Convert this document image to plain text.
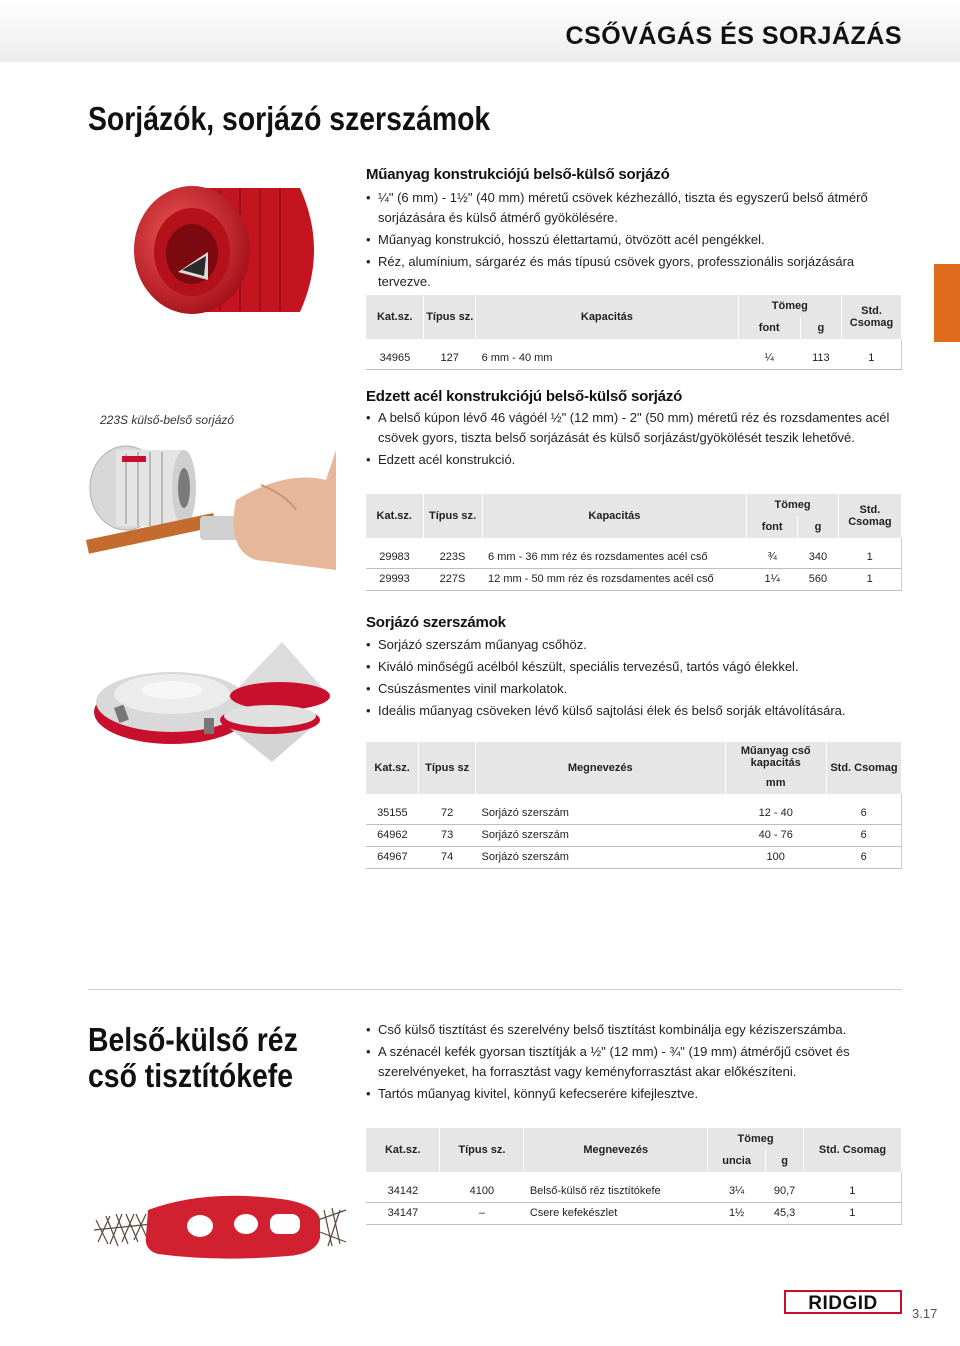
CSŐVÁGÁS ÉS SORJÁZÁS
Sorjázók, sorjázó szerszámok
Műanyag konstrukciójú belső-külső sorjázó
• ¼" (6 mm) - 1½" (40 mm) méretű csövek kézhezálló, tiszta és egyszerű belső átmérő sorjázására és külső átmérő gyökölésére.
• Műanyag konstrukció, hosszú élettartamú, ötvözött acél pengékkel.
• Réz, alumínium, sárgaréz és más típusú csövek gyors, professzionális sorjázására tervezve.
Kat.sz.	Típus sz.	Kapacitás	Tömeg		Std. Csomag
			font	g	

34965	127	6 mm - 40 mm	¼	113	1
223S külső-belső sorjázó
Edzett acél konstrukciójú belső-külső sorjázó
• A belső kúpon lévő 46 vágóél ½" (12 mm) - 2" (50 mm) méretű réz és rozsdamentes acél csövek gyors, tiszta belső sorjázását és külső sorjázást/gyökölését teszik lehetővé.
• Edzett acél konstrukció.
Kat.sz.	Típus sz.	Kapacitás	Tömeg		Std. Csomag
			font	g	

29983	223S	6 mm - 36 mm réz és rozsdamentes acél cső	¾	340	1
29993	227S	12 mm - 50 mm réz és rozsdamentes acél cső	1¼	560	1
Sorjázó szerszámok
• Sorjázó szerszám műanyag csőhöz.
• Kiváló minőségű acélból készült, speciális tervezésű, tartós vágó élekkel.
• Csúszásmentes vinil markolatok.
• Ideális műanyag csöveken lévő külső sajtolási élek és belső sorják eltávolítására.
Kat.sz.	Típus sz	Megnevezés	Műanyag cső kapacitás	Std. Csomag
			mm	

35155	72	Sorjázó szerszám	12 - 40	6
64962	73	Sorjázó szerszám	40 - 76	6
64967	74	Sorjázó szerszám	100	6
Belső-külső réz cső tisztítókefe
• Cső külső tisztítást és szerelvény belső tisztítást kombinálja egy kéziszerszámba.
• A szénacél kefék gyorsan tisztítják a ½" (12 mm) - ¾" (19 mm) átmérőjű csövet és szerelvényeket, ha forrasztást vagy keményforrasztást akar előkészíteni.
• Tartós műanyag kivitel, könnyű kefecserére kifejlesztve.
Kat.sz.	Típus sz.	Megnevezés	Tömeg		Std. Csomag
			uncia	g	

34142	4100	Belső-külső réz tisztítókefe	3¼	90,7	1
34147	–	Csere kefekészlet	1½	45,3	1
RIDGID	3.17
